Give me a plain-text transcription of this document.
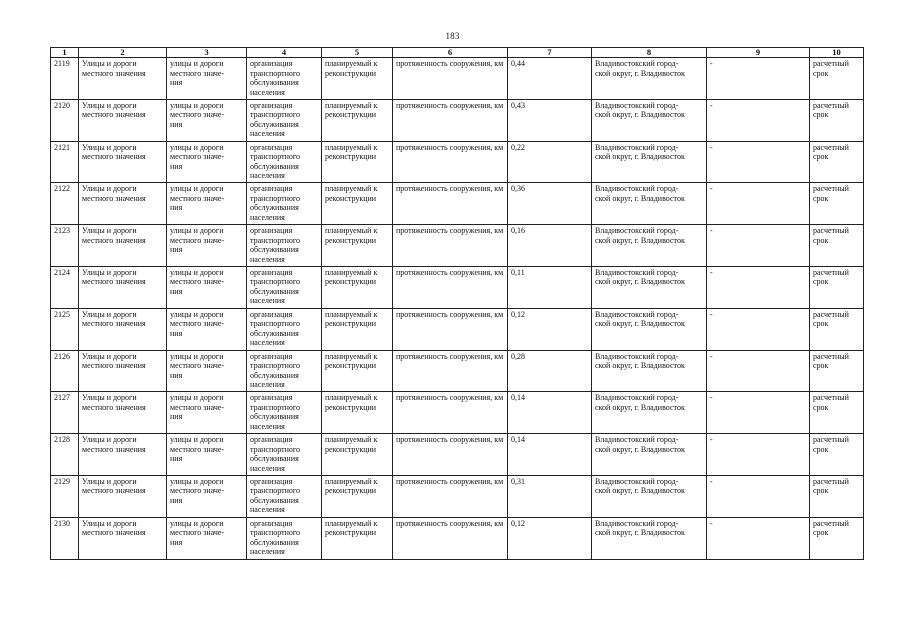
183
1	2	3	4	5	6	7	8	9	10
2119	Улицы и дороги местного значения	улицы и дороги
местного значе-
ния	организация
транспортного
обслуживания
населения	планируемый к реконструкции	протяженность сооружения, км	0,44	Владивостокский город-
ской округ, г. Владивосток	-	расчетный
срок
2120	Улицы и дороги местного значения	улицы и дороги
местного значе-
ния	организация
транспортного
обслуживания
населения	планируемый к реконструкции	протяженность сооружения, км	0,43	Владивостокский город-
ской округ, г. Владивосток	-	расчетный
срок
2121	Улицы и дороги местного значения	улицы и дороги
местного значе-
ния	организация
транспортного
обслуживания
населения	планируемый к реконструкции	протяженность сооружения, км	0,22	Владивостокский город-
ской округ, г. Владивосток	-	расчетный
срок
2122	Улицы и дороги местного значения	улицы и дороги
местного значе-
ния	организация
транспортного
обслуживания
населения	планируемый к реконструкции	протяженность сооружения, км	0,36	Владивостокский город-
ской округ, г. Владивосток	-	расчетный
срок
2123	Улицы и дороги местного значения	улицы и дороги
местного значе-
ния	организация
транспортного
обслуживания
населения	планируемый к реконструкции	протяженность сооружения, км	0,16	Владивостокский город-
ской округ, г. Владивосток	-	расчетный
срок
2124	Улицы и дороги местного значения	улицы и дороги
местного значе-
ния	организация
транспортного
обслуживания
населения	планируемый к реконструкции	протяженность сооружения, км	0,11	Владивостокский город-
ской округ, г. Владивосток	-	расчетный
срок
2125	Улицы и дороги местного значения	улицы и дороги
местного значе-
ния	организация
транспортного
обслуживания
населения	планируемый к реконструкции	протяженность сооружения, км	0,12	Владивостокский город-
ской округ, г. Владивосток	-	расчетный
срок
2126	Улицы и дороги местного значения	улицы и дороги
местного значе-
ния	организация
транспортного
обслуживания
населения	планируемый к реконструкции	протяженность сооружения, км	0,28	Владивостокский город-
ской округ, г. Владивосток	-	расчетный
срок
2127	Улицы и дороги местного значения	улицы и дороги
местного значе-
ния	организация
транспортного
обслуживания
населения	планируемый к реконструкции	протяженность сооружения, км	0,14	Владивостокский город-
ской округ, г. Владивосток	-	расчетный
срок
2128	Улицы и дороги местного значения	улицы и дороги
местного значе-
ния	организация
транспортного
обслуживания
населения	планируемый к реконструкции	протяженность сооружения, км	0,14	Владивостокский город-
ской округ, г. Владивосток	-	расчетный
срок
2129	Улицы и дороги местного значения	улицы и дороги
местного значе-
ния	организация
транспортного
обслуживания
населения	планируемый к реконструкции	протяженность сооружения, км	0,31	Владивостокский город-
ской округ, г. Владивосток	-	расчетный
срок
2130	Улицы и дороги местного значения	улицы и дороги
местного значе-
ния	организация
транспортного
обслуживания
населения	планируемый к реконструкции	протяженность сооружения, км	0,12	Владивостокский город-
ской округ, г. Владивосток	-	расчетный
срок
